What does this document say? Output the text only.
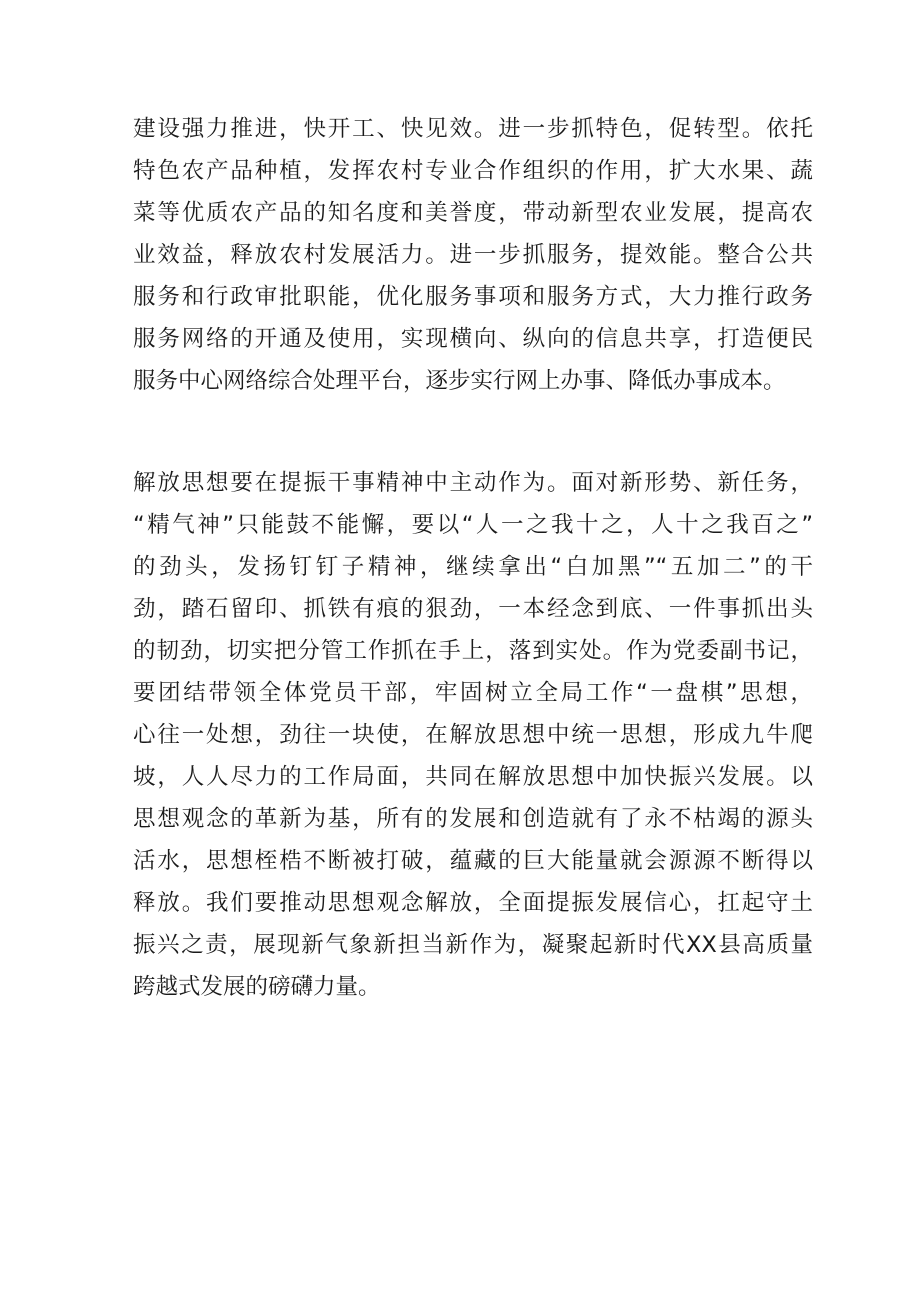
建设强力推进，快开工、快见效。进一步抓特色，促转型。依托
特色农产品种植，发挥农村专业合作组织的作用，扩大水果、蔬
菜等优质农产品的知名度和美誉度，带动新型农业发展，提高农
业效益，释放农村发展活力。进一步抓服务，提效能。整合公共
服务和行政审批职能，优化服务事项和服务方式，大力推行政务
服务网络的开通及使用，实现横向、纵向的信息共享，打造便民
服务中心网络综合处理平台，逐步实行网上办事、降低办事成本。
解放思想要在提振干事精神中主动作为。面对新形势、新任务，
“精气神”只能鼓不能懈，要以“人一之我十之，人十之我百之”
的劲头，发扬钉钉子精神，继续拿出“白加黑”“五加二”的干
劲，踏石留印、抓铁有痕的狠劲，一本经念到底、一件事抓出头
的韧劲，切实把分管工作抓在手上，落到实处。作为党委副书记，
要团结带领全体党员干部，牢固树立全局工作“一盘棋”思想，
心往一处想，劲往一块使，在解放思想中统一思想，形成九牛爬
坡，人人尽力的工作局面，共同在解放思想中加快振兴发展。以
思想观念的革新为基，所有的发展和创造就有了永不枯竭的源头
活水，思想桎梏不断被打破，蕴藏的巨大能量就会源源不断得以
释放。我们要推动思想观念解放，全面提振发展信心，扛起守土
振兴之责，展现新气象新担当新作为，凝聚起新时代XX县高质量
跨越式发展的磅礴力量。
